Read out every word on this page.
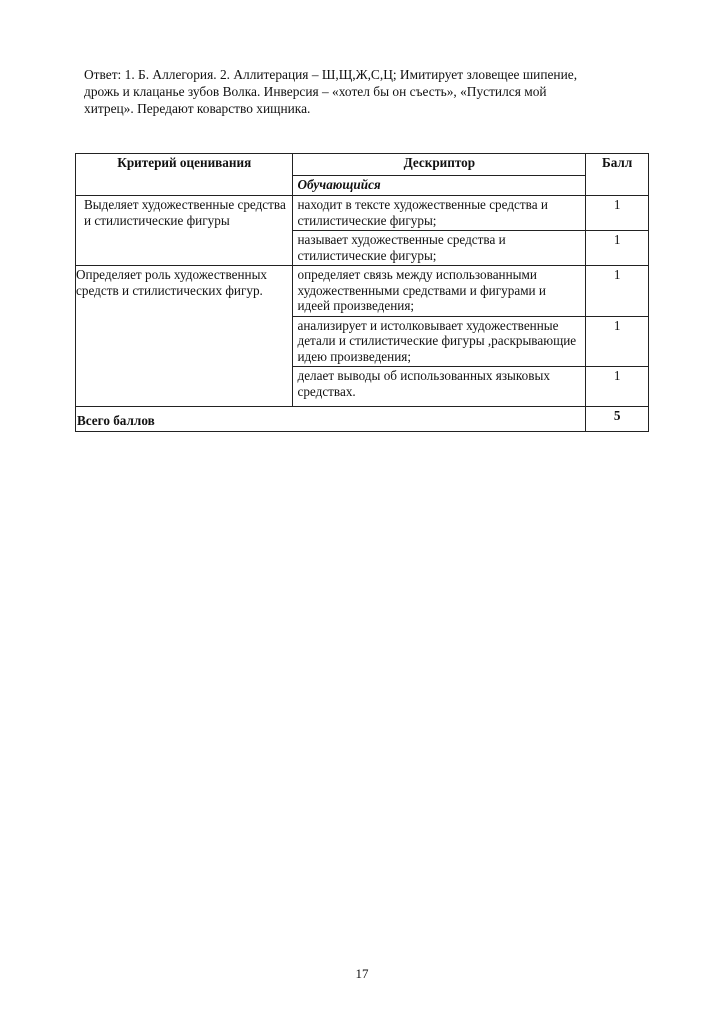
Ответ: 1. Б. Аллегория. 2. Аллитерация – Ш,Щ,Ж,С,Ц; Имитирует зловещее шипение,
дрожь и клацанье зубов Волка. Инверсия – «хотел бы он съесть», «Пустился мой
хитрец». Передают коварство хищника.
Критерий оценивания	Дескриптор	Балл
	Обучающийся	
Выделяет художественные средства и стилистические фигуры	находит в тексте художественные средства и стилистические фигуры;	1
	называет художественные средства и стилистические фигуры;	1
Определяет роль художественных средств и стилистических фигур.	определяет связь между использованными художественными средствами и фигурами и идеей произведения;	1
	анализирует и истолковывает художественные детали и стилистические фигуры ,раскрывающие идею произведения;	1
	делает выводы об использованных языковых средствах.	1
Всего баллов		5
17
